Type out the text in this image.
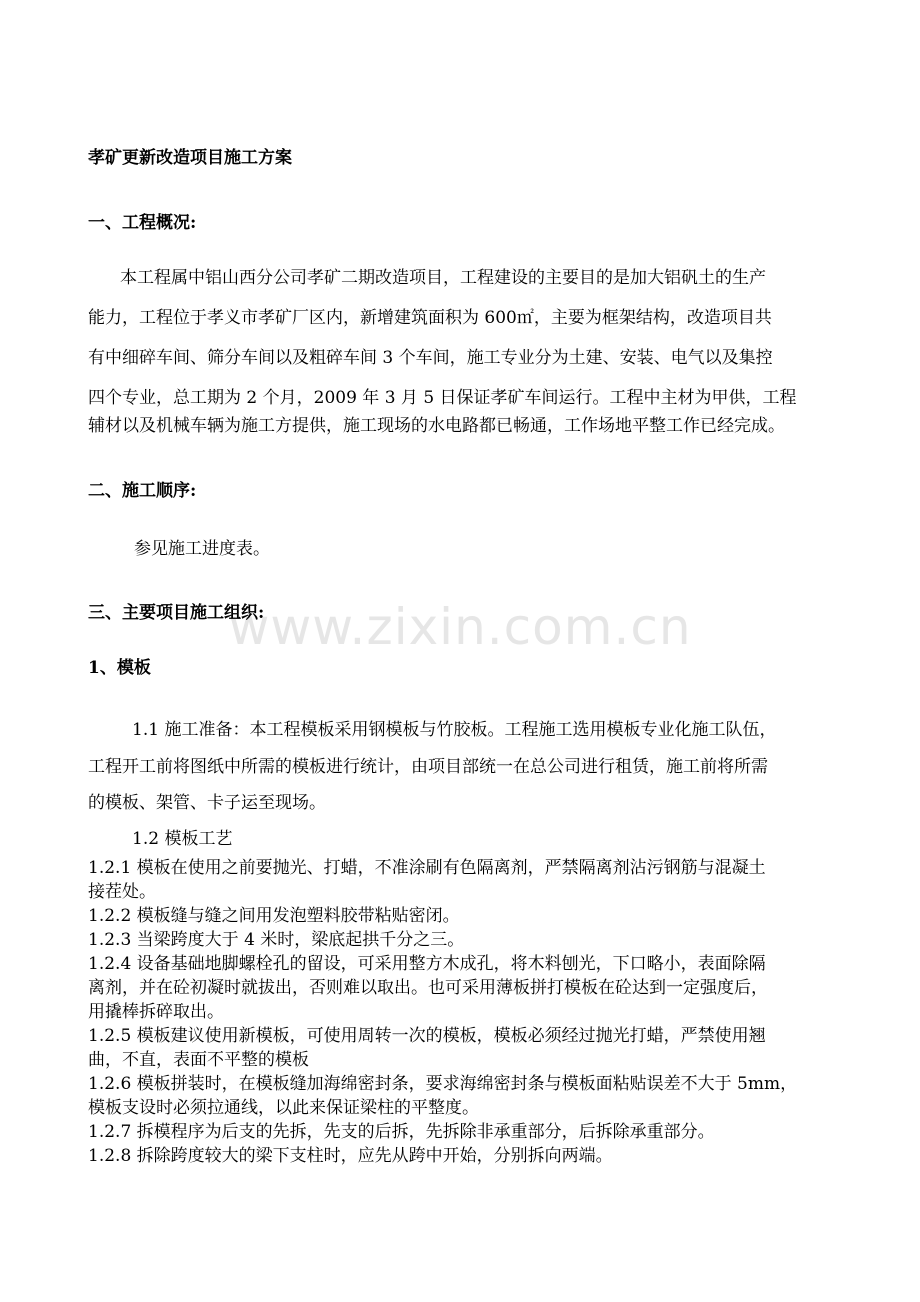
www.zixin.com.cn
孝矿更新改造项目施工方案
一、工程概况:
本工程属中铝山西分公司孝矿二期改造项目，工程建设的主要目的是加大铝矾土的生产
能力，工程位于孝义市孝矿厂区内，新增建筑面积为 600㎡，主要为框架结构，改造项目共
有中细碎车间、筛分车间以及粗碎车间 3 个车间，施工专业分为土建、安装、电气以及集控
四个专业，总工期为 2 个月，2009 年 3 月 5 日保证孝矿车间运行。工程中主材为甲供，工程
辅材以及机械车辆为施工方提供，施工现场的水电路都已畅通，工作场地平整工作已经完成。
二、施工顺序:
参见施工进度表。
三、主要项目施工组织:
1、模板
1.1 施工准备：本工程模板采用钢模板与竹胶板。工程施工选用模板专业化施工队伍，
工程开工前将图纸中所需的模板进行统计，由项目部统一在总公司进行租赁，施工前将所需
的模板、架管、卡子运至现场。
1.2 模板工艺
1.2.1 模板在使用之前要抛光、打蜡，不准涂刷有色隔离剂，严禁隔离剂沾污钢筋与混凝土
接茬处。
1.2.2 模板缝与缝之间用发泡塑料胶带粘贴密闭。
1.2.3 当梁跨度大于 4 米时，梁底起拱千分之三。
1.2.4 设备基础地脚螺栓孔的留设，可采用整方木成孔，将木料刨光，下口略小，表面除隔
离剂，并在砼初凝时就拔出，否则难以取出。也可采用薄板拼打模板在砼达到一定强度后，
用撬棒拆碎取出。
1.2.5 模板建议使用新模板，可使用周转一次的模板，模板必须经过抛光打蜡，严禁使用翘
曲，不直，表面不平整的模板
1.2.6 模板拼装时，在模板缝加海绵密封条，要求海绵密封条与模板面粘贴误差不大于 5mm，
模板支设时必须拉通线，以此来保证梁柱的平整度。
1.2.7 拆模程序为后支的先拆，先支的后拆，先拆除非承重部分，后拆除承重部分。
1.2.8 拆除跨度较大的梁下支柱时，应先从跨中开始，分别拆向两端。
